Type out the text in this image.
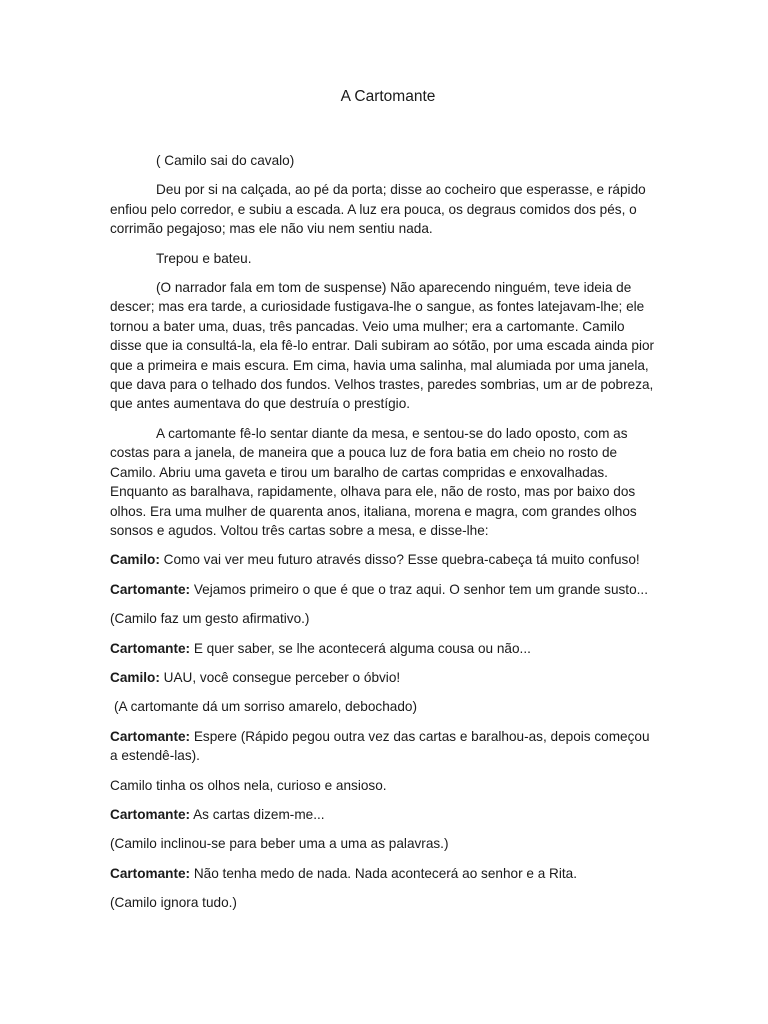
A Cartomante

( Camilo sai do cavalo)

Deu por si na calçada, ao pé da porta; disse ao cocheiro que esperasse, e rápido enfiou pelo corredor, e subiu a escada. A luz era pouca, os degraus comidos dos pés, o corrimão pegajoso; mas ele não viu nem sentiu nada.

Trepou e bateu.

(O narrador fala em tom de suspense) Não aparecendo ninguém, teve ideia de descer; mas era tarde, a curiosidade fustigava-lhe o sangue, as fontes latejavam-lhe; ele tornou a bater uma, duas, três pancadas. Veio uma mulher; era a cartomante. Camilo disse que ia consultá-la, ela fê-lo entrar. Dali subiram ao sótão, por uma escada ainda pior que a primeira e mais escura. Em cima, havia uma salinha, mal alumiada por uma janela, que dava para o telhado dos fundos. Velhos trastes, paredes sombrias, um ar de pobreza, que antes aumentava do que destruía o prestígio.

A cartomante fê-lo sentar diante da mesa, e sentou-se do lado oposto, com as costas para a janela, de maneira que a pouca luz de fora batia em cheio no rosto de Camilo. Abriu uma gaveta e tirou um baralho de cartas compridas e enxovalhadas. Enquanto as baralhava, rapidamente, olhava para ele, não de rosto, mas por baixo dos olhos. Era uma mulher de quarenta anos, italiana, morena e magra, com grandes olhos sonsos e agudos. Voltou três cartas sobre a mesa, e disse-lhe:

Camilo: Como vai ver meu futuro através disso? Esse quebra-cabeça tá muito confuso!

Cartomante: Vejamos primeiro o que é que o traz aqui. O senhor tem um grande susto...

(Camilo faz um gesto afirmativo.)

Cartomante: E quer saber, se lhe acontecerá alguma cousa ou não...

Camilo: UAU, você consegue perceber o óbvio!

(A cartomante dá um sorriso amarelo, debochado)

Cartomante: Espere (Rápido pegou outra vez das cartas e baralhou-as, depois começou a estendê-las).

Camilo tinha os olhos nela, curioso e ansioso.

Cartomante: As cartas dizem-me...

(Camilo inclinou-se para beber uma a uma as palavras.)

Cartomante: Não tenha medo de nada. Nada acontecerá ao senhor e a Rita.

(Camilo ignora tudo.)
